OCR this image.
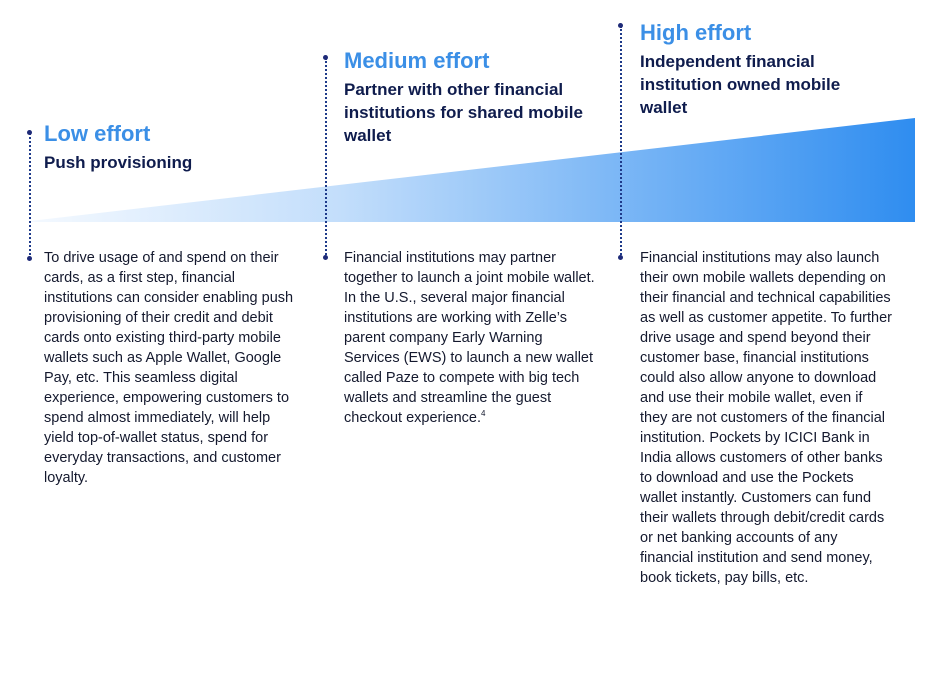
Low effort
Push provisioning
Medium effort
Partner with other financial institutions for shared mobile wallet
High effort
Independent financial institution owned mobile wallet

To drive usage of and spend on their cards, as a first step, financial institutions can consider enabling push provisioning of their credit and debit cards onto existing third-party mobile wallets such as Apple Wallet, Google Pay, etc. This seamless digital experience, empowering customers to spend almost immediately, will help yield top-of-wallet status, spend for everyday transactions, and customer loyalty.

Financial institutions may partner together to launch a joint mobile wallet. In the U.S., several major financial institutions are working with Zelle’s parent company Early Warning Services (EWS) to launch a new wallet called Paze to compete with big tech wallets and streamline the guest checkout experience.$^4$

Financial institutions may also launch their own mobile wallets depending on their financial and technical capabilities as well as customer appetite. To further drive usage and spend beyond their customer base, financial institutions could also allow anyone to download and use their mobile wallet, even if they are not customers of the financial institution. Pockets by ICICI Bank in India allows customers of other banks to download and use the Pockets wallet instantly. Customers can fund their wallets through debit/credit cards or net banking accounts of any financial institution and send money, book tickets, pay bills, etc.
